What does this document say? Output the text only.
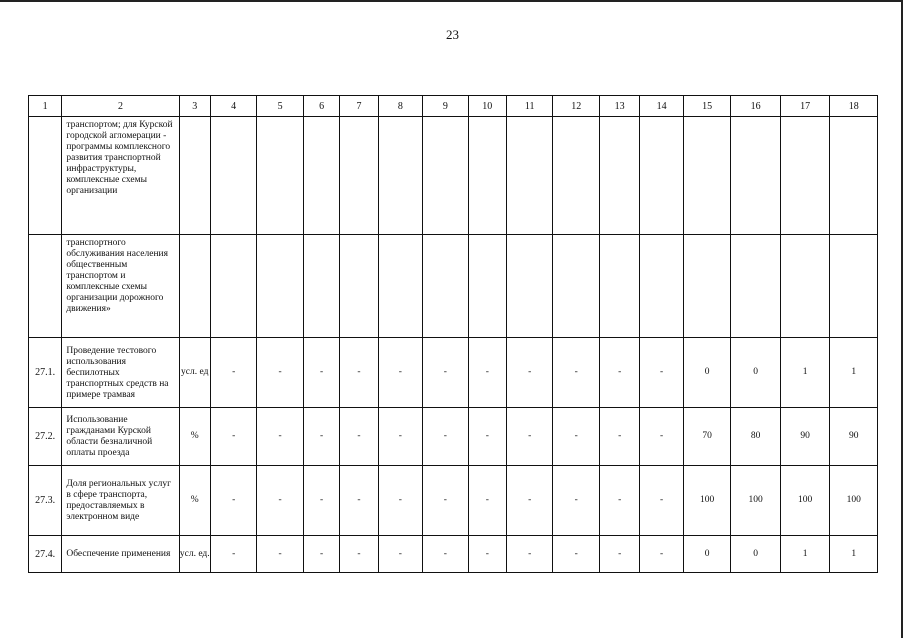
23
1	2	3	4	5	6	7	8	9	10	11	12	13	14	15	16	17	18
	транспортом; для Курской городской агломерации - программы комплексного развития транспортной инфраструктуры, комплексные схемы организации																
	транспортного обслуживания населения общественным транспортом и комплексные схемы организации дорожного движения»																
27.1.	Проведение тестового использования беспилотных транспортных средств на примере трамвая	усл. ед	-	-	-	-	-	-	-	-	-	-	-	0	0	1	1
27.2.	Использование гражданами Курской области безналичной оплаты проезда	%	-	-	-	-	-	-	-	-	-	-	-	70	80	90	90
27.3.	Доля региональных услуг в сфере транспорта, предоставляемых в электронном виде	%	-	-	-	-	-	-	-	-	-	-	-	100	100	100	100
27.4.	Обеспечение применения	усл. ед.	-	-	-	-	-	-	-	-	-	-	-	0	0	1	1
